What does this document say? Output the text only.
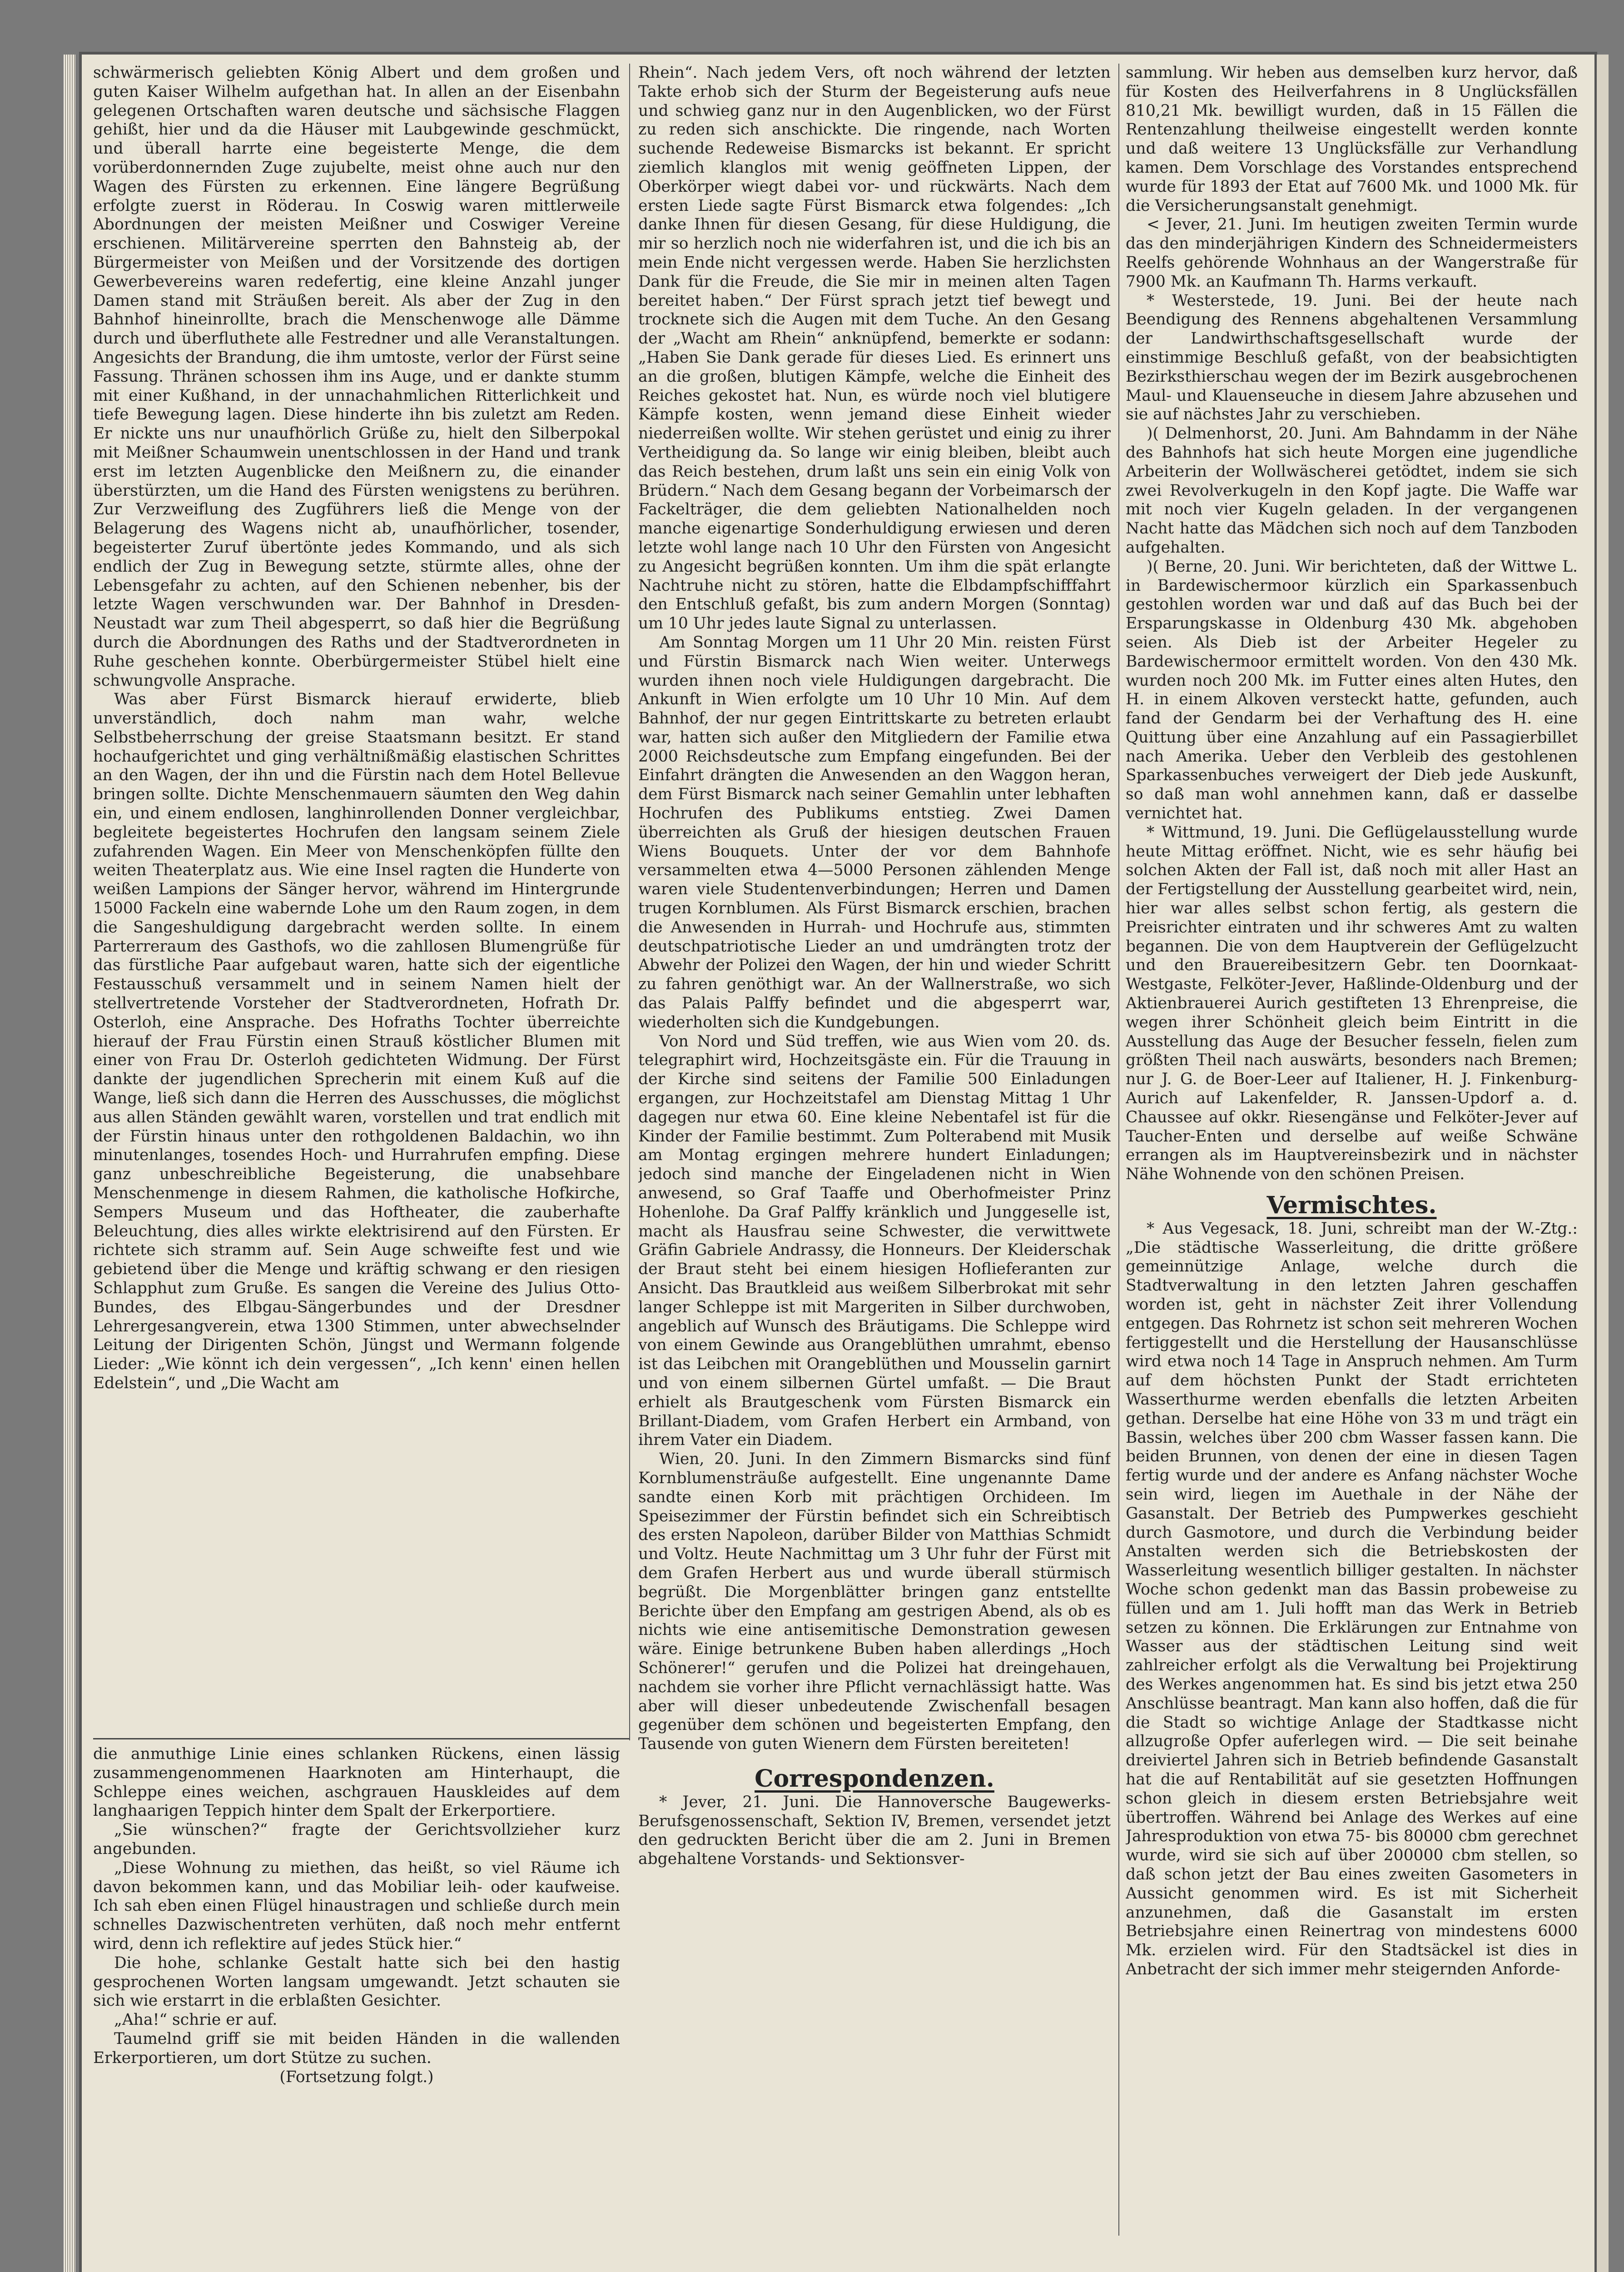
schwärmerisch geliebten König Albert und dem großen und guten Kaiser Wilhelm aufgethan hat. In allen an der Eisenbahn gelegenen Ortschaften waren deutsche und sächsische Flaggen gehißt, hier und da die Häuser mit Laubgewinde geschmückt, und überall harrte eine begeisterte Menge, die dem vorüberdonnernden Zuge zujubelte, meist ohne auch nur den Wagen des Fürsten zu erkennen. Eine längere Begrüßung erfolgte zuerst in Röderau. In Coswig waren mittlerweile Abordnungen der meisten Meißner und Coswiger Vereine erschienen. Militärvereine sperrten den Bahnsteig ab, der Bürgermeister von Meißen und der Vorsitzende des dortigen Gewerbevereins waren redefertig, eine kleine Anzahl junger Damen stand mit Sträußen bereit. Als aber der Zug in den Bahnhof hineinrollte, brach die Menschenwoge alle Dämme durch und überfluthete alle Festredner und alle Veranstaltungen. Angesichts der Brandung, die ihm umtoste, verlor der Fürst seine Fassung. Thränen schossen ihm ins Auge, und er dankte stumm mit einer Kußhand, in der unnachahmlichen Ritterlichkeit und tiefe Bewegung lagen. Diese hinderte ihn bis zuletzt am Reden. Er nickte uns nur unaufhörlich Grüße zu, hielt den Silberpokal mit Meißner Schaumwein unentschlossen in der Hand und trank erst im letzten Augenblicke den Meißnern zu, die einander überstürzten, um die Hand des Fürsten wenigstens zu berühren. Zur Verzweiflung des Zugführers ließ die Menge von der Belagerung des Wagens nicht ab, unaufhörlicher, tosender, begeisterter Zuruf übertönte jedes Kommando, und als sich endlich der Zug in Bewegung setzte, stürmte alles, ohne der Lebensgefahr zu achten, auf den Schienen nebenher, bis der letzte Wagen verschwunden war. Der Bahnhof in Dresden-Neustadt war zum Theil abgesperrt, so daß hier die Begrüßung durch die Abordnungen des Raths und der Stadtverordneten in Ruhe geschehen konnte. Oberbürgermeister Stübel hielt eine schwungvolle Ansprache.

Was aber Fürst Bismarck hierauf erwiderte, blieb unverständlich, doch nahm man wahr, welche Selbstbeherrschung der greise Staatsmann besitzt. Er stand hochaufgerichtet und ging verhältnißmäßig elastischen Schrittes an den Wagen, der ihn und die Fürstin nach dem Hotel Bellevue bringen sollte. Dichte Menschenmauern säumten den Weg dahin ein, und einem endlosen, langhinrollenden Donner vergleichbar, begleitete begeistertes Hochrufen den langsam seinem Ziele zufahrenden Wagen. Ein Meer von Menschenköpfen füllte den weiten Theaterplatz aus. Wie eine Insel ragten die Hunderte von weißen Lampions der Sänger hervor, während im Hintergrunde 15000 Fackeln eine wabernde Lohe um den Raum zogen, in dem die Sangeshuldigung dargebracht werden sollte. In einem Parterreraum des Gasthofs, wo die zahllosen Blumengrüße für das fürstliche Paar aufgebaut waren, hatte sich der eigentliche Festausschuß versammelt und in seinem Namen hielt der stellvertretende Vorsteher der Stadtverordneten, Hofrath Dr. Osterloh, eine Ansprache. Des Hofraths Tochter überreichte hierauf der Frau Fürstin einen Strauß köstlicher Blumen mit einer von Frau Dr. Osterloh gedichteten Widmung. Der Fürst dankte der jugendlichen Sprecherin mit einem Kuß auf die Wange, ließ sich dann die Herren des Ausschusses, die möglichst aus allen Ständen gewählt waren, vorstellen und trat endlich mit der Fürstin hinaus unter den rothgoldenen Baldachin, wo ihn minutenlanges, tosendes Hoch- und Hurrahrufen empfing. Diese ganz unbeschreibliche Begeisterung, die unabsehbare Menschenmenge in diesem Rahmen, die katholische Hofkirche, Sempers Museum und das Hoftheater, die zauberhafte Beleuchtung, dies alles wirkte elektrisirend auf den Fürsten. Er richtete sich stramm auf. Sein Auge schweifte fest und wie gebietend über die Menge und kräftig schwang er den riesigen Schlapphut zum Gruße. Es sangen die Vereine des Julius Otto-Bundes, des Elbgau-Sängerbundes und der Dresdner Lehrergesangverein, etwa 1300 Stimmen, unter abwechselnder Leitung der Dirigenten Schön, Jüngst und Wermann folgende Lieder: „Wie könnt ich dein vergessen“, „Ich kenn' einen hellen Edelstein“, und „Die Wacht am

die anmuthige Linie eines schlanken Rückens, einen lässig zusammengenommenen Haarknoten am Hinterhaupt, die Schleppe eines weichen, aschgrauen Hauskleides auf dem langhaarigen Teppich hinter dem Spalt der Erkerportiere.

„Sie wünschen?“ fragte der Gerichtsvollzieher kurz angebunden.

„Diese Wohnung zu miethen, das heißt, so viel Räume ich davon bekommen kann, und das Mobiliar leih- oder kaufweise. Ich sah eben einen Flügel hinaustragen und schließe durch mein schnelles Dazwischentreten verhüten, daß noch mehr entfernt wird, denn ich reflektire auf jedes Stück hier.“

Die hohe, schlanke Gestalt hatte sich bei den hastig gesprochenen Worten langsam umgewandt. Jetzt schauten sie sich wie erstarrt in die erblaßten Gesichter.

„Aha!“ schrie er auf.

Taumelnd griff sie mit beiden Händen in die wallenden Erkerportieren, um dort Stütze zu suchen.

(Fortsetzung folgt.)

Rhein“. Nach jedem Vers, oft noch während der letzten Takte erhob sich der Sturm der Begeisterung aufs neue und schwieg ganz nur in den Augenblicken, wo der Fürst zu reden sich anschickte. Die ringende, nach Worten suchende Redeweise Bismarcks ist bekannt. Er spricht ziemlich klanglos mit wenig geöffneten Lippen, der Oberkörper wiegt dabei vor- und rückwärts. Nach dem ersten Liede sagte Fürst Bismarck etwa folgendes: „Ich danke Ihnen für diesen Gesang, für diese Huldigung, die mir so herzlich noch nie widerfahren ist, und die ich bis an mein Ende nicht vergessen werde. Haben Sie herzlichsten Dank für die Freude, die Sie mir in meinen alten Tagen bereitet haben.“ Der Fürst sprach jetzt tief bewegt und trocknete sich die Augen mit dem Tuche. An den Gesang der „Wacht am Rhein“ anknüpfend, bemerkte er sodann: „Haben Sie Dank gerade für dieses Lied. Es erinnert uns an die großen, blutigen Kämpfe, welche die Einheit des Reiches gekostet hat. Nun, es würde noch viel blutigere Kämpfe kosten, wenn jemand diese Einheit wieder niederreißen wollte. Wir stehen gerüstet und einig zu ihrer Vertheidigung da. So lange wir einig bleiben, bleibt auch das Reich bestehen, drum laßt uns sein ein einig Volk von Brüdern.“ Nach dem Gesang begann der Vorbeimarsch der Fackelträger, die dem geliebten Nationalhelden noch manche eigenartige Sonderhuldigung erwiesen und deren letzte wohl lange nach 10 Uhr den Fürsten von Angesicht zu Angesicht begrüßen konnten. Um ihm die spät erlangte Nachtruhe nicht zu stören, hatte die Elbdampfschifffahrt den Entschluß gefaßt, bis zum andern Morgen (Sonntag) um 10 Uhr jedes laute Signal zu unterlassen.

Am Sonntag Morgen um 11 Uhr 20 Min. reisten Fürst und Fürstin Bismarck nach Wien weiter. Unterwegs wurden ihnen noch viele Huldigungen dargebracht. Die Ankunft in Wien erfolgte um 10 Uhr 10 Min. Auf dem Bahnhof, der nur gegen Eintrittskarte zu betreten erlaubt war, hatten sich außer den Mitgliedern der Familie etwa 2000 Reichsdeutsche zum Empfang eingefunden. Bei der Einfahrt drängten die Anwesenden an den Waggon heran, dem Fürst Bismarck nach seiner Gemahlin unter lebhaften Hochrufen des Publikums entstieg. Zwei Damen überreichten als Gruß der hiesigen deutschen Frauen Wiens Bouquets. Unter der vor dem Bahnhofe versammelten etwa 4—5000 Personen zählenden Menge waren viele Studentenverbindungen; Herren und Damen trugen Kornblumen. Als Fürst Bismarck erschien, brachen die Anwesenden in Hurrah- und Hochrufe aus, stimmten deutschpatriotische Lieder an und umdrängten trotz der Abwehr der Polizei den Wagen, der hin und wieder Schritt zu fahren genöthigt war. An der Wallnerstraße, wo sich das Palais Palffy befindet und die abgesperrt war, wiederholten sich die Kundgebungen.

Von Nord und Süd treffen, wie aus Wien vom 20. ds. telegraphirt wird, Hochzeitsgäste ein. Für die Trauung in der Kirche sind seitens der Familie 500 Einladungen ergangen, zur Hochzeitstafel am Dienstag Mittag 1 Uhr dagegen nur etwa 60. Eine kleine Nebentafel ist für die Kinder der Familie bestimmt. Zum Polterabend mit Musik am Montag ergingen mehrere hundert Einladungen; jedoch sind manche der Eingeladenen nicht in Wien anwesend, so Graf Taaffe und Oberhofmeister Prinz Hohenlohe. Da Graf Palffy kränklich und Junggeselle ist, macht als Hausfrau seine Schwester, die verwittwete Gräfin Gabriele Andrassy, die Honneurs. Der Kleiderschak der Braut steht bei einem hiesigen Hoflieferanten zur Ansicht. Das Brautkleid aus weißem Silberbrokat mit sehr langer Schleppe ist mit Margeriten in Silber durchwoben, angeblich auf Wunsch des Bräutigams. Die Schleppe wird von einem Gewinde aus Orangeblüthen umrahmt, ebenso ist das Leibchen mit Orangeblüthen und Mousselin garnirt und von einem silbernen Gürtel umfaßt. — Die Braut erhielt als Brautgeschenk vom Fürsten Bismarck ein Brillant-Diadem, vom Grafen Herbert ein Armband, von ihrem Vater ein Diadem.

Wien, 20. Juni. In den Zimmern Bismarcks sind fünf Kornblumensträuße aufgestellt. Eine ungenannte Dame sandte einen Korb mit prächtigen Orchideen. Im Speisezimmer der Fürstin befindet sich ein Schreibtisch des ersten Napoleon, darüber Bilder von Matthias Schmidt und Voltz. Heute Nachmittag um 3 Uhr fuhr der Fürst mit dem Grafen Herbert aus und wurde überall stürmisch begrüßt. Die Morgenblätter bringen ganz entstellte Berichte über den Empfang am gestrigen Abend, als ob es nichts wie eine antisemitische Demonstration gewesen wäre. Einige betrunkene Buben haben allerdings „Hoch Schönerer!“ gerufen und die Polizei hat dreingehauen, nachdem sie vorher ihre Pflicht vernachlässigt hatte. Was aber will dieser unbedeutende Zwischenfall besagen gegenüber dem schönen und begeisterten Empfang, den Tausende von guten Wienern dem Fürsten bereiteten!

Correspondenzen.

* Jever, 21. Juni. Die Hannoversche Baugewerks-Berufsgenossenschaft, Sektion IV, Bremen, versendet jetzt den gedruckten Bericht über die am 2. Juni in Bremen abgehaltene Vorstands- und Sektionsver-

sammlung. Wir heben aus demselben kurz hervor, daß für Kosten des Heilverfahrens in 8 Unglücksfällen 810,21 Mk. bewilligt wurden, daß in 15 Fällen die Rentenzahlung theilweise eingestellt werden konnte und daß weitere 13 Unglücksfälle zur Verhandlung kamen. Dem Vorschlage des Vorstandes entsprechend wurde für 1893 der Etat auf 7600 Mk. und 1000 Mk. für die Versicherungsanstalt genehmigt.

< Jever, 21. Juni. Im heutigen zweiten Termin wurde das den minderjährigen Kindern des Schneidermeisters Reelfs gehörende Wohnhaus an der Wangerstraße für 7900 Mk. an Kaufmann Th. Harms verkauft.

* Westerstede, 19. Juni. Bei der heute nach Beendigung des Rennens abgehaltenen Versammlung der Landwirthschaftsgesellschaft wurde der einstimmige Beschluß gefaßt, von der beabsichtigten Bezirksthierschau wegen der im Bezirk ausgebrochenen Maul- und Klauenseuche in diesem Jahre abzusehen und sie auf nächstes Jahr zu verschieben.

)( Delmenhorst, 20. Juni. Am Bahndamm in der Nähe des Bahnhofs hat sich heute Morgen eine jugendliche Arbeiterin der Wollwäscherei getödtet, indem sie sich zwei Revolverkugeln in den Kopf jagte. Die Waffe war mit noch vier Kugeln geladen. In der vergangenen Nacht hatte das Mädchen sich noch auf dem Tanzboden aufgehalten.

)( Berne, 20. Juni. Wir berichteten, daß der Wittwe L. in Bardewischermoor kürzlich ein Sparkassenbuch gestohlen worden war und daß auf das Buch bei der Ersparungskasse in Oldenburg 430 Mk. abgehoben seien. Als Dieb ist der Arbeiter Hegeler zu Bardewischermoor ermittelt worden. Von den 430 Mk. wurden noch 200 Mk. im Futter eines alten Hutes, den H. in einem Alkoven versteckt hatte, gefunden, auch fand der Gendarm bei der Verhaftung des H. eine Quittung über eine Anzahlung auf ein Passagierbillet nach Amerika. Ueber den Verbleib des gestohlenen Sparkassenbuches verweigert der Dieb jede Auskunft, so daß man wohl annehmen kann, daß er dasselbe vernichtet hat.

* Wittmund, 19. Juni. Die Geflügelausstellung wurde heute Mittag eröffnet. Nicht, wie es sehr häufig bei solchen Akten der Fall ist, daß noch mit aller Hast an der Fertigstellung der Ausstellung gearbeitet wird, nein, hier war alles selbst schon fertig, als gestern die Preisrichter eintraten und ihr schweres Amt zu walten begannen. Die von dem Hauptverein der Geflügelzucht und den Brauereibesitzern Gebr. ten Doornkaat-Westgaste, Felköter-Jever, Haßlinde-Oldenburg und der Aktienbrauerei Aurich gestifteten 13 Ehrenpreise, die wegen ihrer Schönheit gleich beim Eintritt in die Ausstellung das Auge der Besucher fesseln, fielen zum größten Theil nach auswärts, besonders nach Bremen; nur J. G. de Boer-Leer auf Italiener, H. J. Finkenburg-Aurich auf Lakenfelder, R. Janssen-Updorf a. d. Chaussee auf okkr. Riesengänse und Felköter-Jever auf Taucher-Enten und derselbe auf weiße Schwäne errangen als im Hauptvereinsbezirk und in nächster Nähe Wohnende von den schönen Preisen.

Vermischtes.

* Aus Vegesack, 18. Juni, schreibt man der W.-Ztg.: „Die städtische Wasserleitung, die dritte größere gemeinnützige Anlage, welche durch die Stadtverwaltung in den letzten Jahren geschaffen worden ist, geht in nächster Zeit ihrer Vollendung entgegen. Das Rohrnetz ist schon seit mehreren Wochen fertiggestellt und die Herstellung der Hausanschlüsse wird etwa noch 14 Tage in Anspruch nehmen. Am Turm auf dem höchsten Punkt der Stadt errichteten Wasserthurme werden ebenfalls die letzten Arbeiten gethan. Derselbe hat eine Höhe von 33 m und trägt ein Bassin, welches über 200 cbm Wasser fassen kann. Die beiden Brunnen, von denen der eine in diesen Tagen fertig wurde und der andere es Anfang nächster Woche sein wird, liegen im Auethale in der Nähe der Gasanstalt. Der Betrieb des Pumpwerkes geschieht durch Gasmotore, und durch die Verbindung beider Anstalten werden sich die Betriebskosten der Wasserleitung wesentlich billiger gestalten. In nächster Woche schon gedenkt man das Bassin probeweise zu füllen und am 1. Juli hofft man das Werk in Betrieb setzen zu können. Die Erklärungen zur Entnahme von Wasser aus der städtischen Leitung sind weit zahlreicher erfolgt als die Verwaltung bei Projektirung des Werkes angenommen hat. Es sind bis jetzt etwa 250 Anschlüsse beantragt. Man kann also hoffen, daß die für die Stadt so wichtige Anlage der Stadtkasse nicht allzugroße Opfer auferlegen wird. — Die seit beinahe dreiviertel Jahren sich in Betrieb befindende Gasanstalt hat die auf Rentabilität auf sie gesetzten Hoffnungen schon gleich in diesem ersten Betriebsjahre weit übertroffen. Während bei Anlage des Werkes auf eine Jahresproduktion von etwa 75- bis 80000 cbm gerechnet wurde, wird sie sich auf über 200000 cbm stellen, so daß schon jetzt der Bau eines zweiten Gasometers in Aussicht genommen wird. Es ist mit Sicherheit anzunehmen, daß die Gasanstalt im ersten Betriebsjahre einen Reinertrag von mindestens 6000 Mk. erzielen wird. Für den Stadtsäckel ist dies in Anbetracht der sich immer mehr steigernden Anforde-
